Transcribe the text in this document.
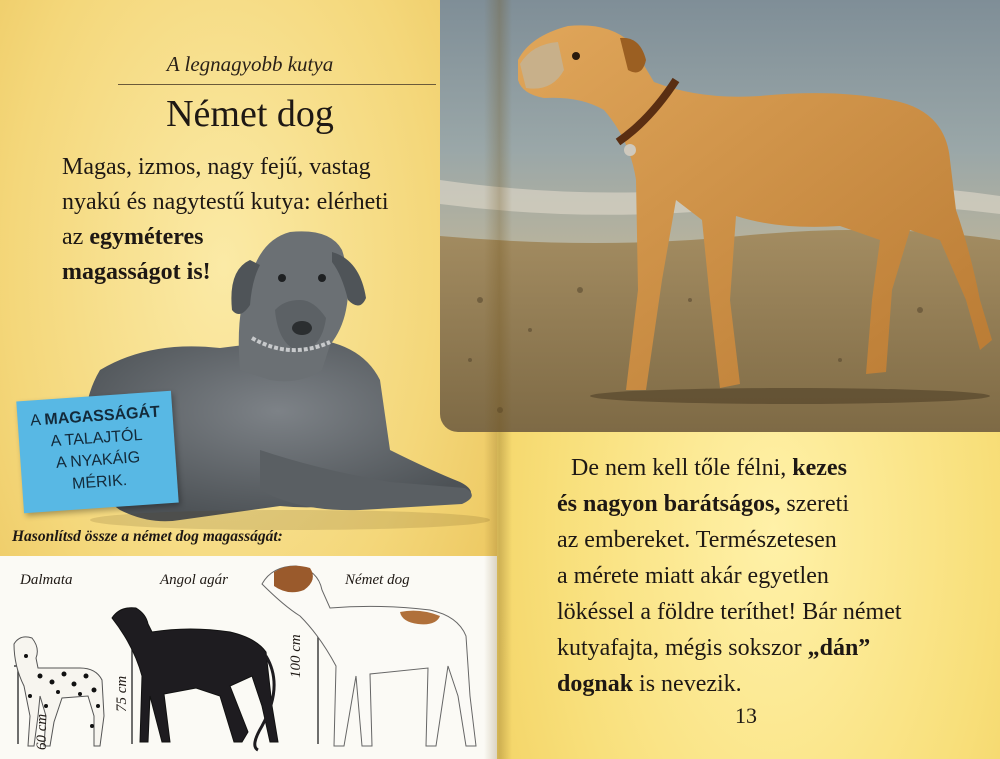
A legnagyobb kutya
Német dog
Magas, izmos, nagy fejű, vastag
nyakú és nagytestű kutya: elérheti
az egyméteres
magasságot is!
A MAGASSÁGÁT
A TALAJTÓL
A NYAKÁIG
MÉRIK.
Hasonlítsd össze a német dog magasságát:
Dalmata	Angol agár	Német dog
60 cm
75 cm
100 cm
De nem kell tőle félni, kezes
és nagyon barátságos, szereti
az embereket. Természetesen
a mérete miatt akár egyetlen
lökéssel a földre teríthet! Bár német
kutyafajta, mégis sokszor „dán”
dognak is nevezik.
13
